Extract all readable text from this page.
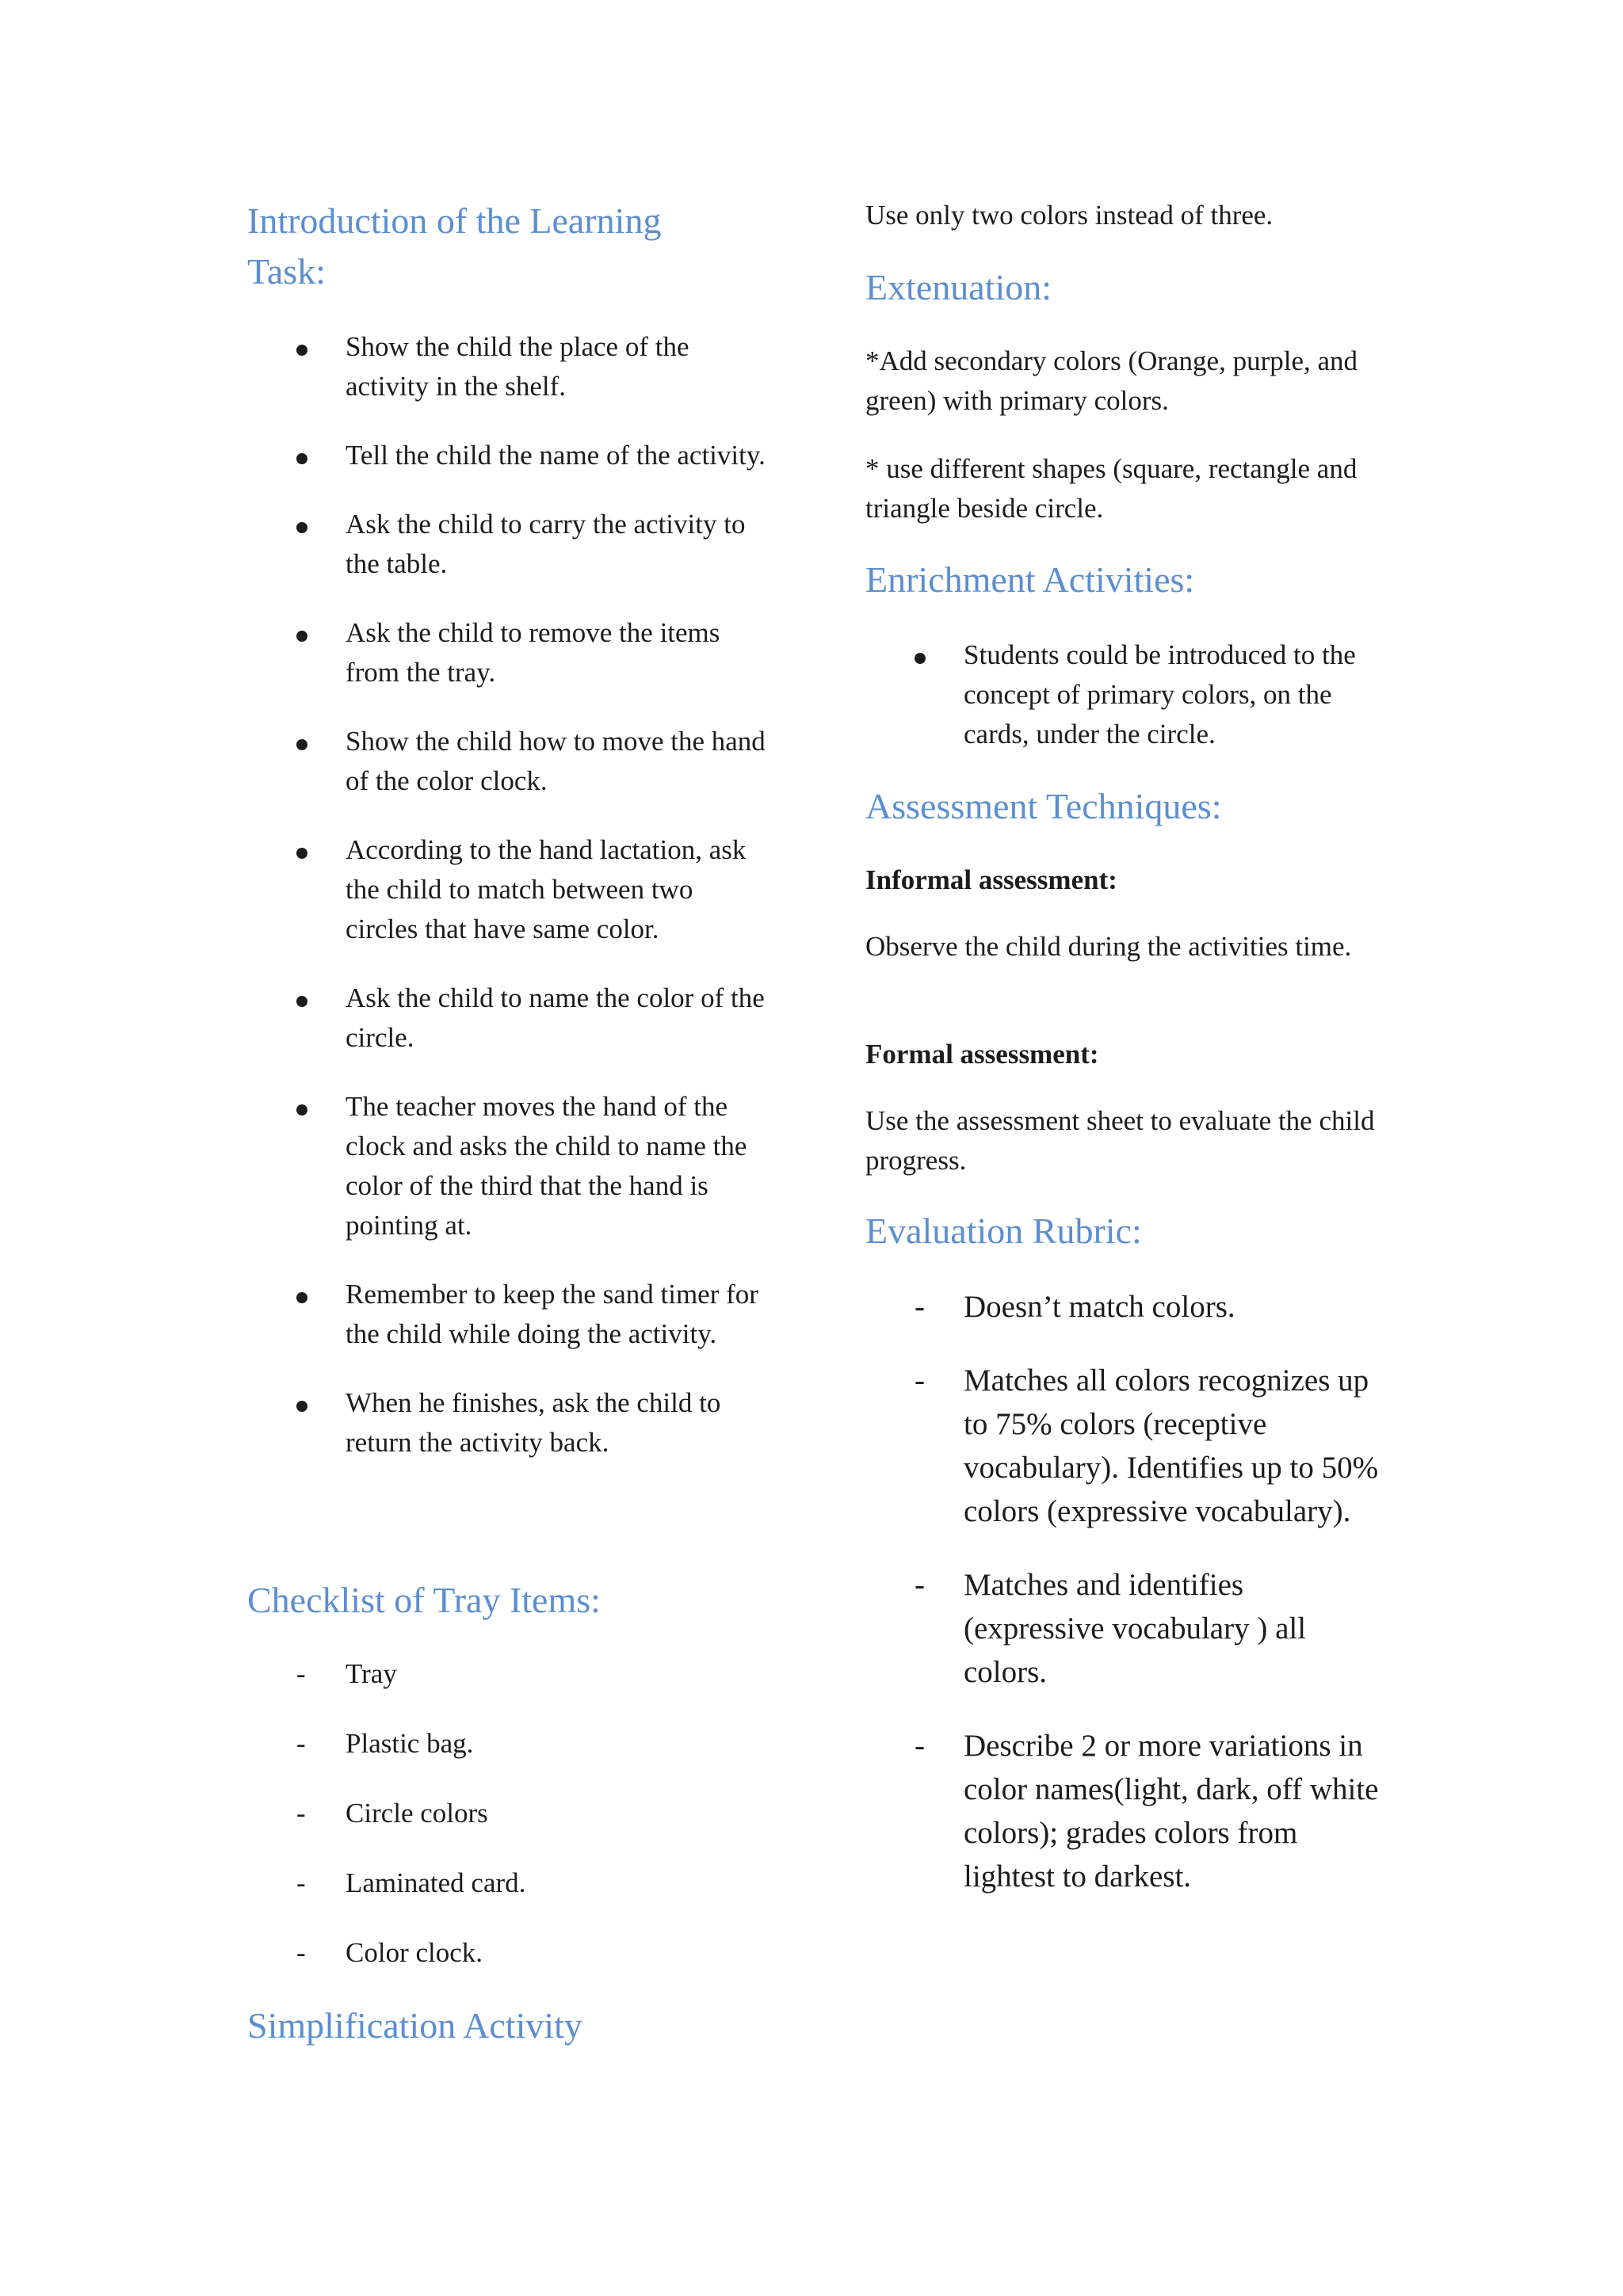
Introduction of the Learning Task:
Show the child the place of the activity in the shelf.
Tell the child the name of the activity.
Ask the child to carry the activity to the table.
Ask the child to remove the items from the tray.
Show the child how to move the hand of the color clock.
According to the hand lactation, ask the child to match between two circles that have same color.
Ask the child to name the color of the circle.
The teacher moves the hand of the clock and asks the child to name the color of the third that the hand is pointing at.
Remember to keep the sand timer for the child while doing the activity.
When he finishes, ask the child to return the activity back.
Checklist of Tray Items:
- Tray
- Plastic bag.
- Circle colors
- Laminated card.
- Color clock.
Simplification Activity

Use only two colors instead of three.

Extenuation:

*Add secondary colors (Orange, purple, and green) with primary colors.

* use different shapes (square, rectangle and triangle beside circle.

Enrichment Activities:
Students could be introduced to the concept of primary colors, on the cards, under the circle.
Assessment Techniques:

Informal assessment:

Observe the child during the activities time.

Formal assessment:

Use the assessment sheet to evaluate the child progress.

Evaluation Rubric:
- Doesn’t match colors.
- Matches all colors recognizes up to 75% colors (receptive vocabulary). Identifies up to 50% colors (expressive vocabulary).
- Matches and identifies (expressive vocabulary ) all colors.
- Describe 2 or more variations in color names(light, dark, off white colors); grades colors from lightest to darkest.
